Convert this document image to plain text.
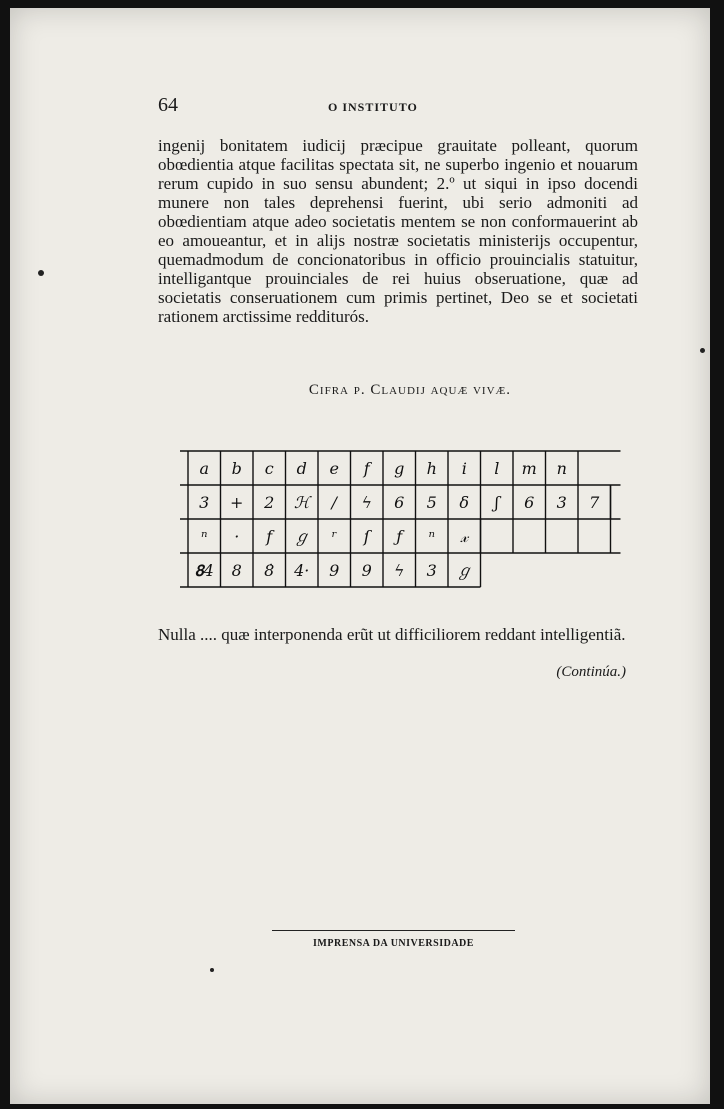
64	O INSTITUTO
ingenij bonitatem iudicij præcipue grauitate polleant, quorum obœdientia atque facilitas spectata sit, ne superbo ingenio et nouarum rerum cupido in suo sensu abundent; 2.º ut siqui in ipso docendi munere non tales deprehensi fuerint, ubi serio admoniti ad obœdientiam atque adeo societatis mentem se non conformauerint ab eo amoueantur, et in alijs nostræ societatis ministerijs occupentur, quemadmodum de concionatoribus in officio prouincialis statuitur, intelligantque prouinciales de rei huius obseruatione, quæ ad societatis conseruationem cum primis pertinet, Deo se et societati rationem arctissime redditurós.
Cifra p. Claudij aquæ vivæ.
a b c d e f g h i l m n
3 + 2 ℋ / ϟ 6 5 δ ʃ 6 3 7
ⁿ · f ℊ ʳ ſ ƒ ⁿ 𝓍
𝟖4 8 8̇ 4· 9 9 ϟ 3 ℊ
Nulla .... quæ interponenda erũt ut difficiliorem reddant intelligentiã.
(Continúa.)
IMPRENSA DA UNIVERSIDADE
